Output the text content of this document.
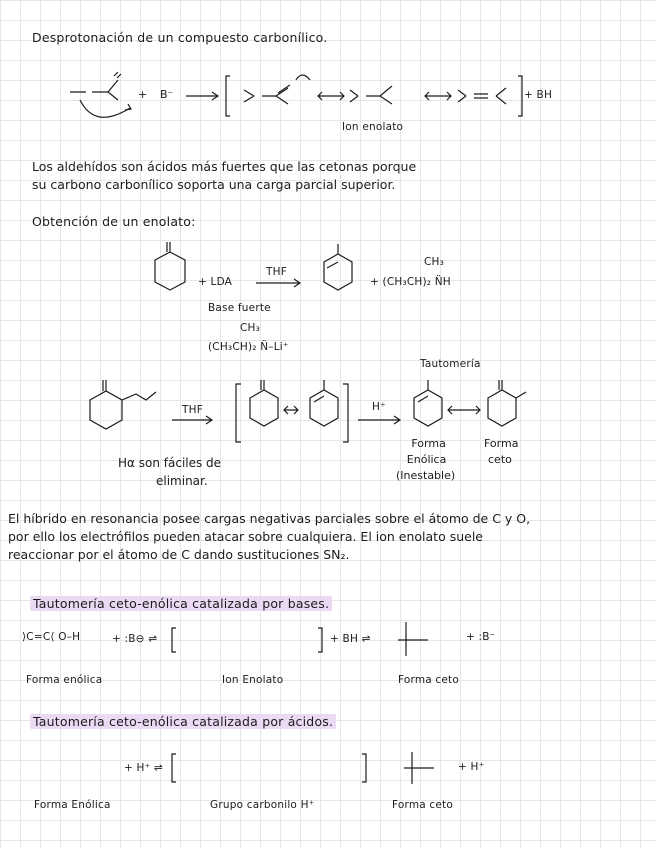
Desprotonación de un compuesto carbonílico.
+ B⁻	+ BH
Ion enolato
Los aldehídos son ácidos más fuertes que las cetonas porque
su carbono carbonílico soporta una carga parcial superior.
Obtención de un enolato:
+ LDA
THF
Base fuerte
CH₃
(CH₃CH)₂ N̈–Li⁺
CH₃
+ (CH₃CH)₂ N̈H
Tautomería
THF	H⁺
Hα son fáciles de
eliminar.
Forma
Enólica
(Inestable)
Forma
ceto
El híbrido en resonancia posee cargas negativas parciales sobre el átomo de C y O,
por ello los electrófilos pueden atacar sobre cualquiera. El ion enolato suele
reaccionar por el átomo de C dando sustituciones SN₂.
Tautomería ceto-enólica catalizada por bases.
⟩C=C⟨ O–H	+ :B⊖ ⇌	+ BH ⇌	+ :B⁻
Forma enólica	Ion Enolato	Forma ceto
Tautomería ceto-enólica catalizada por ácidos.
+ H⁺ ⇌	+ H⁺
Forma Enólica	Grupo carbonilo H⁺	Forma ceto
